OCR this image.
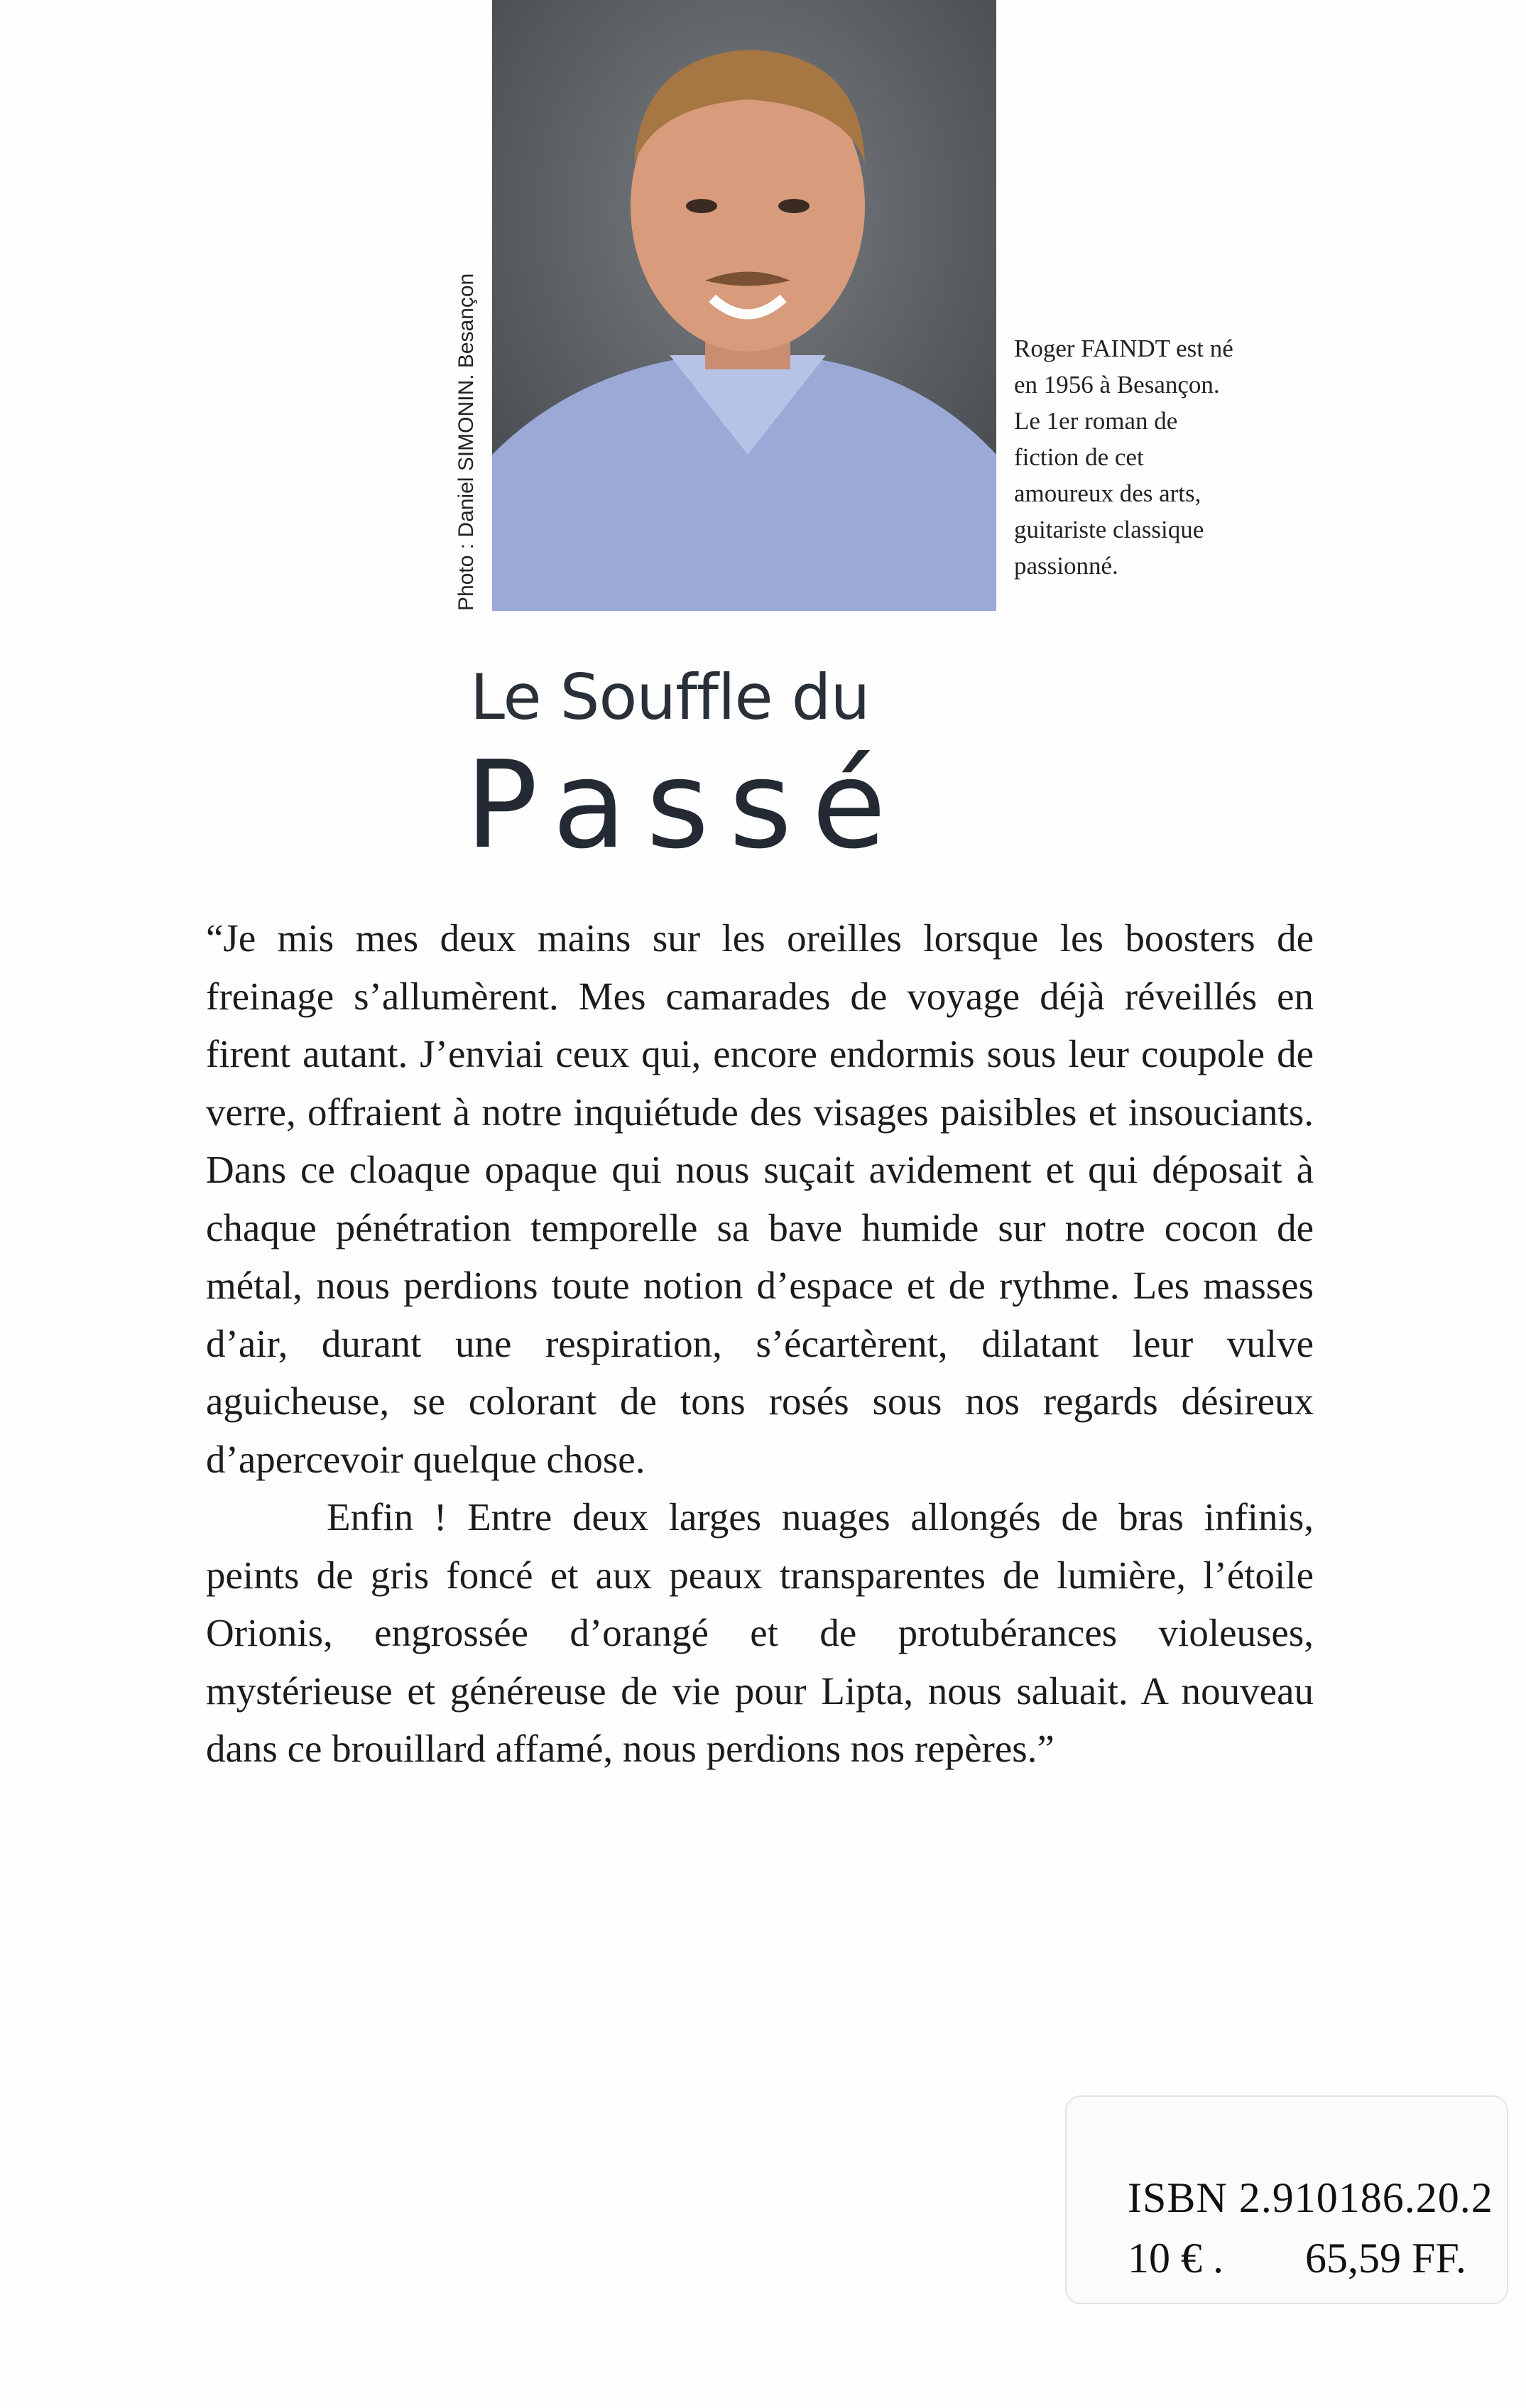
Photo : Daniel SIMONIN. Besançon	Roger FAINDT est né
en 1956 à Besançon.
Le 1er roman de
fiction de cet
amoureux des arts,
guitariste classique
passionné.
Le Souffle du
Passé

“Je mis mes deux mains sur les oreilles lorsque les boosters de freinage s’allumèrent. Mes camarades de voyage déjà réveillés en firent autant. J’enviai ceux qui, encore endormis sous leur coupole de verre, offraient à notre inquiétude des visages paisibles et insouciants. Dans ce cloaque opaque qui nous suçait avidement et qui déposait à chaque pénétration temporelle sa bave humide sur notre cocon de métal, nous perdions toute notion d’espace et de rythme. Les masses d’air, durant une respiration, s’écartèrent, dilatant leur vulve aguicheuse, se colorant de tons rosés sous nos regards désireux d’apercevoir quelque chose.

Enfin ! Entre deux larges nuages allongés de bras infinis, peints de gris foncé et aux peaux transparentes de lumière, l’étoile Orionis, engrossée d’orangé et de protubérances violeuses, mystérieuse et généreuse de vie pour Lipta, nous saluait. A nouveau dans ce brouillard affamé, nous perdions nos repères.”

ISBN 2.910186.20.2
10 € . 65,59 FF.
